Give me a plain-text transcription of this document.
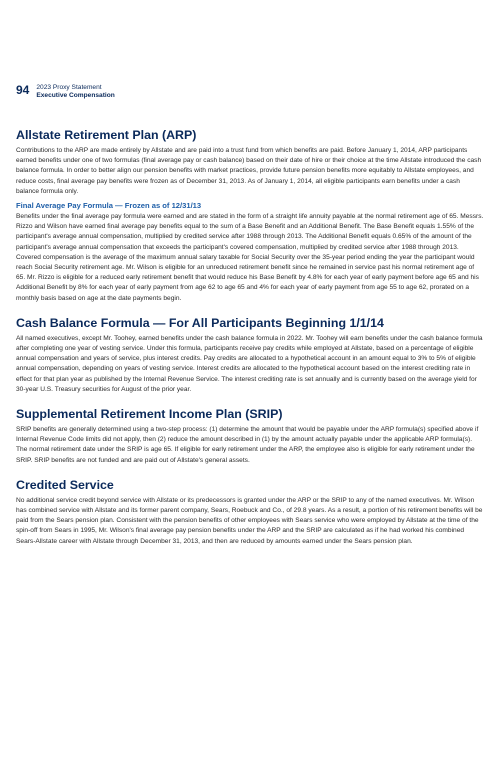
94 2023 Proxy Statement
Executive Compensation
Allstate Retirement Plan (ARP)

Contributions to the ARP are made entirely by Allstate and are paid into a trust fund from which benefits are paid. Before January 1, 2014, ARP participants earned benefits under one of two formulas (final average pay or cash balance) based on their date of hire or their choice at the time Allstate introduced the cash balance formula. In order to better align our pension benefits with market practices, provide future pension benefits more equitably to Allstate employees, and reduce costs, final average pay benefits were frozen as of December 31, 2013. As of January 1, 2014, all eligible participants earn benefits under a cash balance formula only.

Final Average Pay Formula — Frozen as of 12/31/13

Benefits under the final average pay formula were earned and are stated in the form of a straight life annuity payable at the normal retirement age of 65. Messrs. Rizzo and Wilson have earned final average pay benefits equal to the sum of a Base Benefit and an Additional Benefit. The Base Benefit equals 1.55% of the participant's average annual compensation, multiplied by credited service after 1988 through 2013. The Additional Benefit equals 0.65% of the amount of the participant's average annual compensation that exceeds the participant's covered compensation, multiplied by credited service after 1988 through 2013. Covered compensation is the average of the maximum annual salary taxable for Social Security over the 35-year period ending the year the participant would reach Social Security retirement age. Mr. Wilson is eligible for an unreduced retirement benefit since he remained in service past his normal retirement age of 65. Mr. Rizzo is eligible for a reduced early retirement benefit that would reduce his Base Benefit by 4.8% for each year of early payment before age 65 and his Additional Benefit by 8% for each year of early payment from age 62 to age 65 and 4% for each year of early payment from age 55 to age 62, prorated on a monthly basis based on age at the date payments begin.

Cash Balance Formula — For All Participants Beginning 1/1/14

All named executives, except Mr. Toohey, earned benefits under the cash balance formula in 2022. Mr. Toohey will earn benefits under the cash balance formula after completing one year of vesting service. Under this formula, participants receive pay credits while employed at Allstate, based on a percentage of eligible annual compensation and years of service, plus interest credits. Pay credits are allocated to a hypothetical account in an amount equal to 3% to 5% of eligible annual compensation, depending on years of vesting service. Interest credits are allocated to the hypothetical account based on the interest crediting rate in effect for that plan year as published by the Internal Revenue Service. The interest crediting rate is set annually and is currently based on the average yield for 30-year U.S. Treasury securities for August of the prior year.

Supplemental Retirement Income Plan (SRIP)

SRIP benefits are generally determined using a two-step process: (1) determine the amount that would be payable under the ARP formula(s) specified above if Internal Revenue Code limits did not apply, then (2) reduce the amount described in (1) by the amount actually payable under the applicable ARP formula(s). The normal retirement date under the SRIP is age 65. If eligible for early retirement under the ARP, the employee also is eligible for early retirement under the SRIP. SRIP benefits are not funded and are paid out of Allstate's general assets.

Credited Service

No additional service credit beyond service with Allstate or its predecessors is granted under the ARP or the SRIP to any of the named executives. Mr. Wilson has combined service with Allstate and its former parent company, Sears, Roebuck and Co., of 29.8 years. As a result, a portion of his retirement benefits will be paid from the Sears pension plan. Consistent with the pension benefits of other employees with Sears service who were employed by Allstate at the time of the spin-off from Sears in 1995, Mr. Wilson's final average pay pension benefits under the ARP and the SRIP are calculated as if he had worked his combined Sears-Allstate career with Allstate through December 31, 2013, and then are reduced by amounts earned under the Sears pension plan.
